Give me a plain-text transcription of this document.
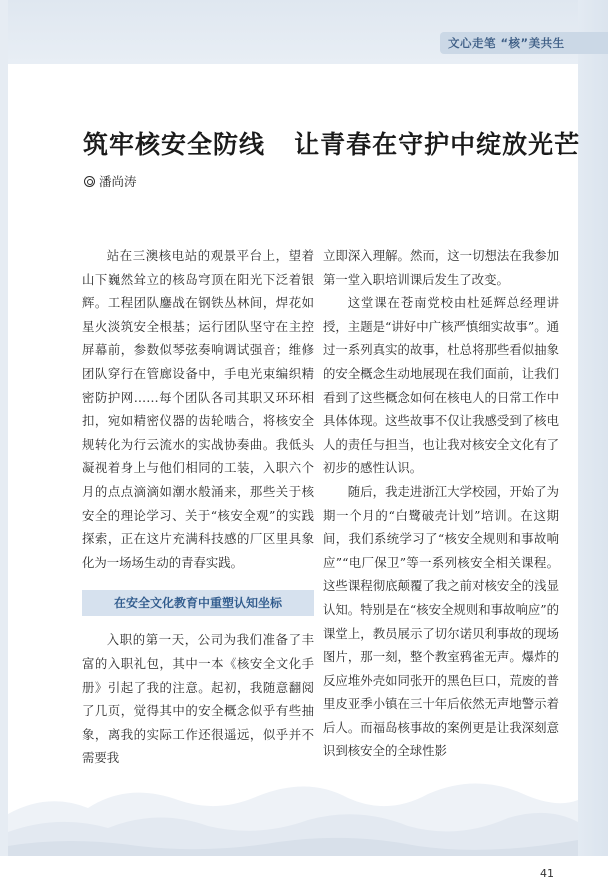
文心走笔 “核”美共生
筑牢核安全防线   让青春在守护中绽放光芒
潘尚涛

站在三澳核电站的观景平台上，望着山下巍然耸立的核岛穹顶在阳光下泛着银辉。工程团队鏖战在钢铁丛林间，焊花如星火淡筑安全根基；运行团队坚守在主控屏幕前，参数似琴弦奏响调试强音；维修团队穿行在管廊设备中，手电光束编织精密防护网……每个团队各司其职又环环相扣，宛如精密仪器的齿轮啮合，将核安全规转化为行云流水的实战协奏曲。我低头凝视着身上与他们相同的工装，入职六个月的点点滴滴如潮水般涌来，那些关于核安全的理论学习、关于“核安全观”的实践探索，正在这片充满科技感的厂区里具象化为一场场生动的青春实践。

在安全文化教育中重塑认知坐标

入职的第一天，公司为我们准备了丰富的入职礼包，其中一本《核安全文化手册》引起了我的注意。起初，我随意翻阅了几页，觉得其中的安全概念似乎有些抽象，离我的实际工作还很遥远，似乎并不需要我

立即深入理解。然而，这一切想法在我参加第一堂入职培训课后发生了改变。

这堂课在苍南党校由杜延辉总经理讲授，主题是“讲好中广核严慎细实故事”。通过一系列真实的故事，杜总将那些看似抽象的安全概念生动地展现在我们面前，让我们看到了这些概念如何在核电人的日常工作中具体体现。这些故事不仅让我感受到了核电人的责任与担当，也让我对核安全文化有了初步的感性认识。

随后，我走进浙江大学校园，开始了为期一个月的“白鹭破壳计划”培训。在这期间，我们系统学习了“核安全规则和事故响应”“电厂保卫”等一系列核安全相关课程。这些课程彻底颠覆了我之前对核安全的浅显认知。特别是在“核安全规则和事故响应”的课堂上，教员展示了切尔诺贝利事故的现场图片，那一刻，整个教室鸦雀无声。爆炸的反应堆外壳如同张开的黑色巨口，荒废的普里皮亚季小镇在三十年后依然无声地警示着后人。而福岛核事故的案例更是让我深刻意识到核安全的全球性影

41
